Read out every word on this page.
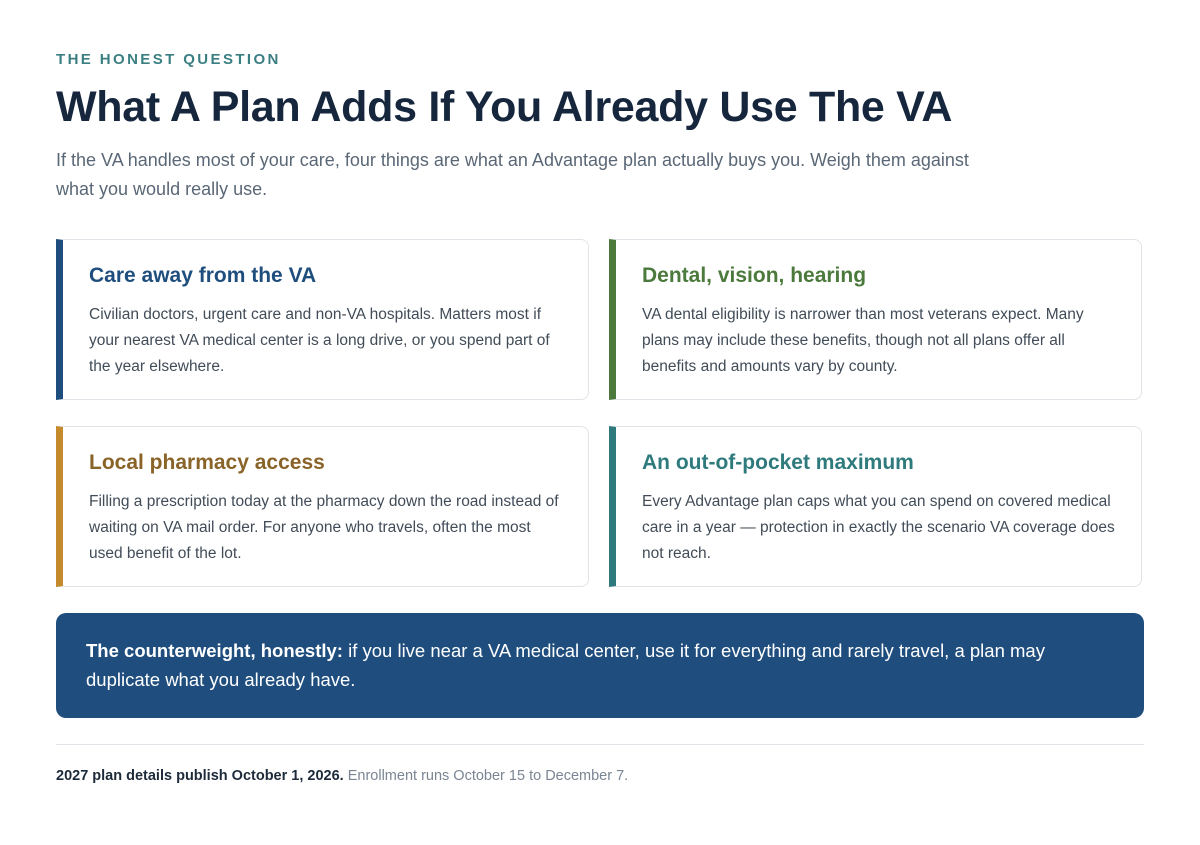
THE HONEST QUESTION
What A Plan Adds If You Already Use The VA

If the VA handles most of your care, four things are what an Advantage plan actually buys you. Weigh them against what you would really use.

Care away from the VA

Civilian doctors, urgent care and non-VA hospitals. Matters most if your nearest VA medical center is a long drive, or you spend part of the year elsewhere.

Dental, vision, hearing

VA dental eligibility is narrower than most veterans expect. Many plans may include these benefits, though not all plans offer all benefits and amounts vary by county.

Local pharmacy access

Filling a prescription today at the pharmacy down the road instead of waiting on VA mail order. For anyone who travels, often the most used benefit of the lot.

An out-of-pocket maximum

Every Advantage plan caps what you can spend on covered medical care in a year — protection in exactly the scenario VA coverage does not reach.

The counterweight, honestly: if you live near a VA medical center, use it for everything and rarely travel, a plan may duplicate what you already have.
2027 plan details publish October 1, 2026. Enrollment runs October 15 to December 7.
